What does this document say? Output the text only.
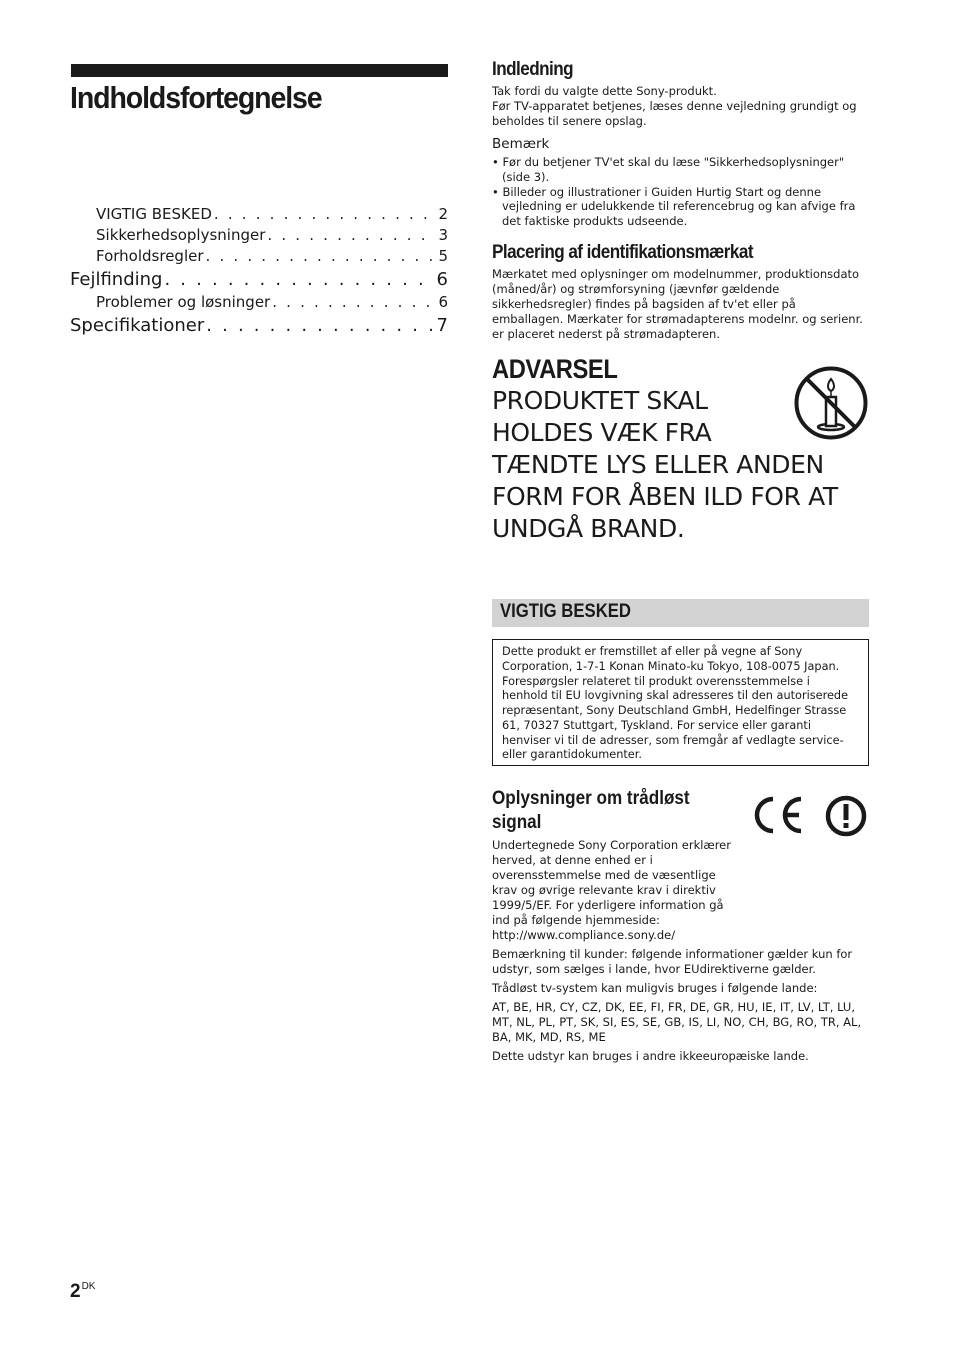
Indholdsfortegnelse
VIGTIG BESKED . . .	2
Sikkerhedsoplysninger . . .	3
Forholdsregler . . .	5
Fejlfinding . . .	6
Problemer og løsninger . . .	6
Specifikationer . . .	7
Indledning

Tak fordi du valgte dette Sony-produkt.

Før TV-apparatet betjenes, læses denne vejledning grundigt og beholdes til senere opslag.

Bemærk

• Før du betjener TV'et skal du læse "Sikkerhedsoplysninger" (side 3).

• Billeder og illustrationer i Guiden Hurtig Start og denne vejledning er udelukkende til referencebrug og kan afvige fra det faktiske produkts udseende.

Placering af identifikationsmærkat

Mærkatet med oplysninger om modelnummer, produktionsdato (måned/år) og strømforsyning (jævnfør gældende sikkerhedsregler) findes på bagsiden af tv'et eller på emballagen. Mærkater for strømadapterens modelnr. og serienr. er placeret nederst på strømadapteren.

ADVARSEL

PRODUKTET SKAL

HOLDES VÆK FRA

TÆNDTE LYS ELLER ANDEN

FORM FOR ÅBEN ILD FOR AT

UNDGÅ BRAND.

VIGTIG BESKED

Dette produkt er fremstillet af eller på vegne af Sony Corporation, 1-7-1 Konan Minato-ku Tokyo, 108-0075 Japan. Forespørgsler relateret til produkt overensstemmelse i henhold til EU lovgivning skal adresseres til den autoriserede repræsentant, Sony Deutschland GmbH, Hedelfinger Strasse 61, 70327 Stuttgart, Tyskland. For service eller garanti henviser vi til de adresser, som fremgår af vedlagte service- eller garantidokumenter.

Oplysninger om trådløst signal

Undertegnede Sony Corporation erklærer herved, at denne enhed er i overensstemmelse med de væsentlige krav og øvrige relevante krav i direktiv 1999/5/EF. For yderligere information gå ind på følgende hjemmeside:

http://www.compliance.sony.de/

Bemærkning til kunder: følgende informationer gælder kun for udstyr, som sælges i lande, hvor EUdirektiverne gælder.

Trådløst tv-system kan muligvis bruges i følgende lande:

AT, BE, HR, CY, CZ, DK, EE, FI, FR, DE, GR, HU, IE, IT, LV, LT, LU, MT, NL, PL, PT, SK, SI, ES, SE, GB, IS, LI, NO, CH, BG, RO, TR, AL, BA, MK, MD, RS, ME

Dette udstyr kan bruges i andre ikkeeuropæiske lande.

$2^{DK}$
